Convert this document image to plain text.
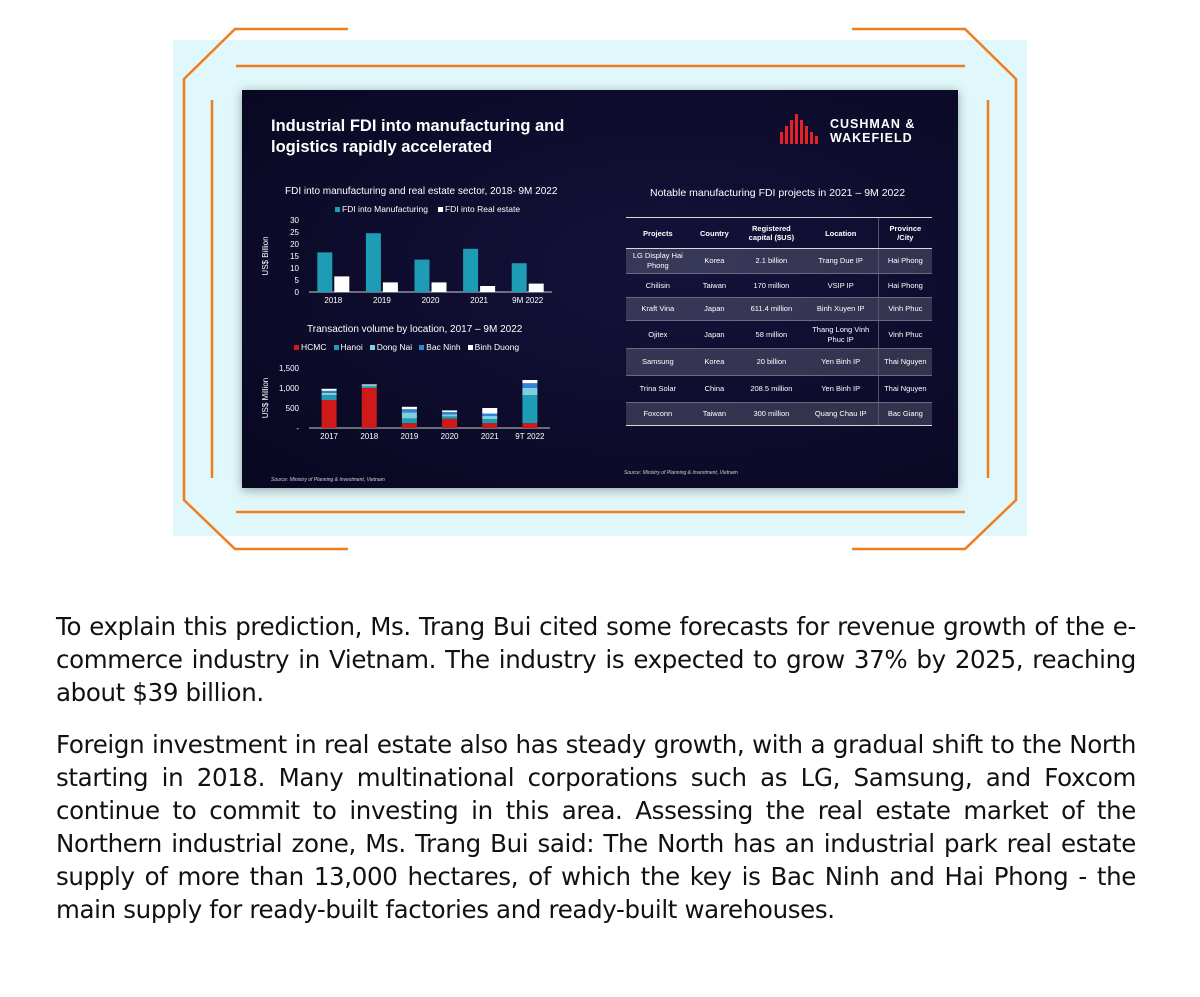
Industrial FDI into manufacturing and
logistics rapidly accelerated
CUSHMAN &
WAKEFIELD
FDI into manufacturing and real estate sector, 2018- 9M 2022
FDI into Manufacturing FDI into Real estate
US$ Billion
30
25
20
15
10
5
0
2018	2019	2020	2021	9M 2022
Transaction volume by location, 2017 – 9M 2022
HCMC Hanoi Dong Nai Bac Ninh Binh Duong
US$ Million
1,500
1,000
500
-
2017	2018	2019	2020	2021 9T 2022
Source: Ministry of Planning & Investment, Vietnam
Notable manufacturing FDI projects in 2021 – 9M 2022
Projects	Country	Registered capital ($US)	Location	Province /City
LG Display Hai Phong	Korea	2.1 billion	Trang Due IP	Hai Phong
Chilisin	Taiwan	170 million	VSIP IP	Hai Phong
Kraft Vina	Japan	611.4 million	Binh Xuyen IP	Vinh Phuc
Ojitex	Japan	58 million	Thang Long Vinh Phuc IP	Vinh Phuc
Samsung	Korea	20 billion	Yen Binh IP	Thai Nguyen
Trina Solar	China	208.5 million	Yen Binh IP	Thai Nguyen
Foxconn	Taiwan	300 million	Quang Chau IP	Bac Giang
Source: Ministry of Planning & Investment, Vietnam

To explain this prediction, Ms. Trang Bui cited some forecasts for revenue growth of the e-commerce industry in Vietnam. The industry is expected to grow 37% by 2025, reaching about $39 billion.

Foreign investment in real estate also has steady growth, with a gradual shift to the North starting in 2018. Many multinational corporations such as LG, Samsung, and Foxcom continue to commit to investing in this area. Assessing the real estate market of the Northern industrial zone, Ms. Trang Bui said: The North has an industrial park real estate supply of more than 13,000 hectares, of which the key is Bac Ninh and Hai Phong - the main supply for ready-built factories and ready-built warehouses.
